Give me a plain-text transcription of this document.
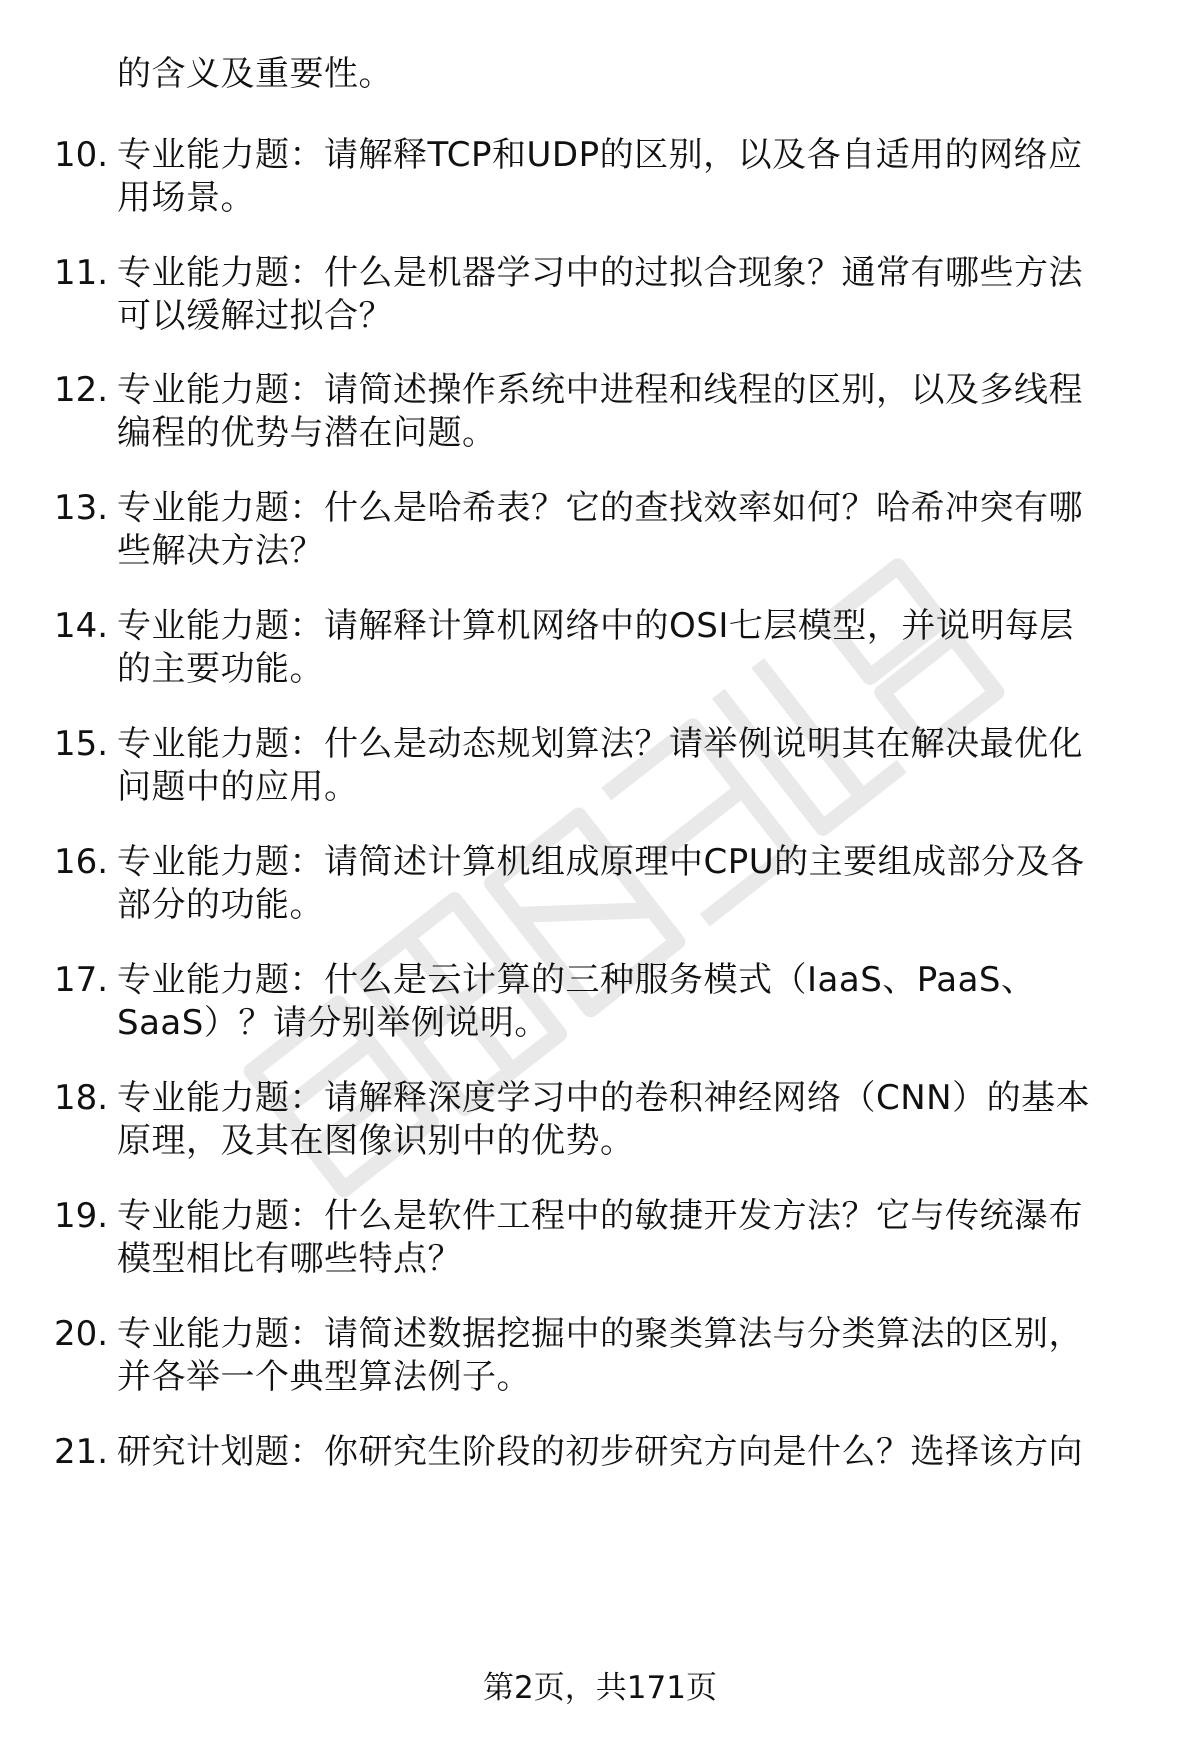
的含义及重要性。
10. 专业能力题：请解释TCP和UDP的区别，以及各自适用的网络应
用场景。
11. 专业能力题：什么是机器学习中的过拟合现象？通常有哪些方法
可以缓解过拟合？
12. 专业能力题：请简述操作系统中进程和线程的区别，以及多线程
编程的优势与潜在问题。
13. 专业能力题：什么是哈希表？它的查找效率如何？哈希冲突有哪
些解决方法？
14. 专业能力题：请解释计算机网络中的OSI七层模型，并说明每层
的主要功能。
15. 专业能力题：什么是动态规划算法？请举例说明其在解决最优化
问题中的应用。
16. 专业能力题：请简述计算机组成原理中CPU的主要组成部分及各
部分的功能。
17. 专业能力题：什么是云计算的三种服务模式（IaaS、PaaS、
SaaS）？请分别举例说明。
18. 专业能力题：请解释深度学习中的卷积神经网络（CNN）的基本
原理，及其在图像识别中的优势。
19. 专业能力题：什么是软件工程中的敏捷开发方法？它与传统瀑布
模型相比有哪些特点？
20. 专业能力题：请简述数据挖掘中的聚类算法与分类算法的区别，
并各举一个典型算法例子。
21. 研究计划题：你研究生阶段的初步研究方向是什么？选择该方向
第2页，共171页
